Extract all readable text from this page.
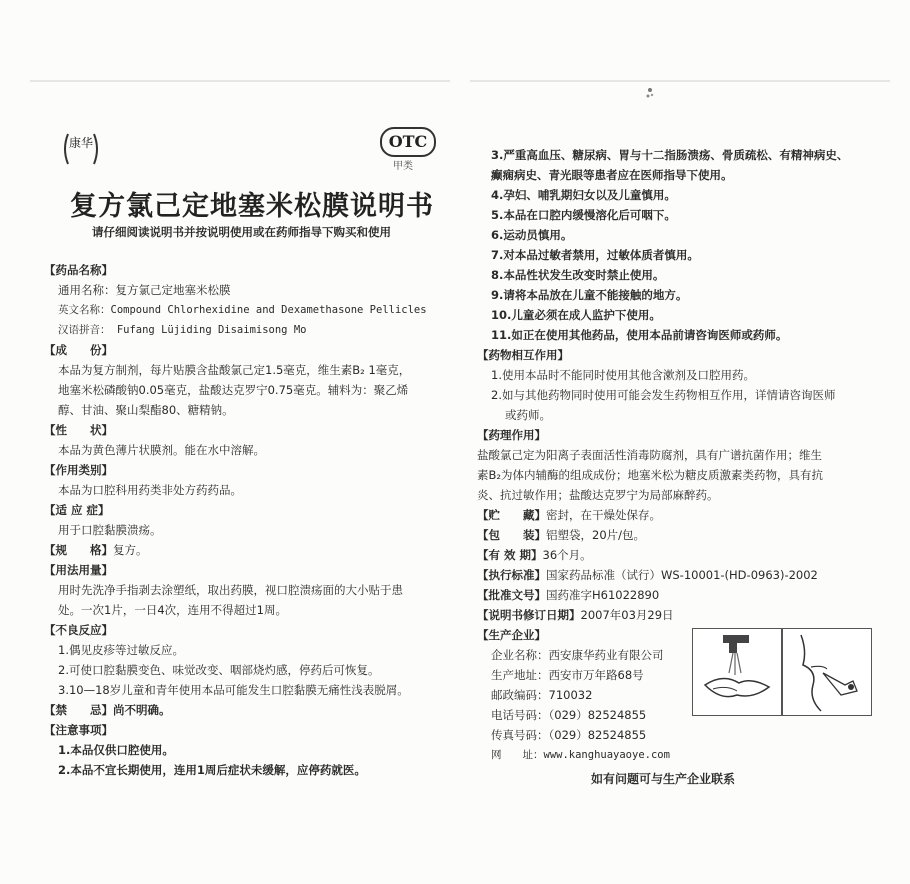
康华	OTC
甲类
复方氯己定地塞米松膜说明书
请仔细阅读说明书并按说明使用或在药师指导下购买和使用
【药品名称】
通用名称：复方氯己定地塞米松膜
英文名称：Compound Chlorhexidine and Dexamethasone Pellicles
汉语拼音： Fufang Lüjiding Disaimisong Mo
【成　　份】
本品为复方制剂，每片贴膜含盐酸氯己定1.5毫克，维生素B₂ 1毫克，
地塞米松磷酸钠0.05毫克，盐酸达克罗宁0.75毫克。辅料为：聚乙烯
醇、甘油、聚山梨酯80、糖精钠。
【性　　状】
本品为黄色薄片状膜剂。能在水中溶解。
【作用类别】
本品为口腔科用药类非处方药药品。
【适 应 症】
用于口腔黏膜溃疡。
【规　　格】复方。
【用法用量】
用时先洗净手指剥去涂塑纸，取出药膜，视口腔溃疡面的大小贴于患
处。一次1片，一日4次，连用不得超过1周。
【不良反应】
1.偶见皮疹等过敏反应。
2.可使口腔黏膜变色、味觉改变、咽部烧灼感，停药后可恢复。
3.10—18岁儿童和青年使用本品可能发生口腔黏膜无痛性浅表脱屑。
【禁　　忌】尚不明确。
【注意事项】
1.本品仅供口腔使用。
2.本品不宜长期使用，连用1周后症状未缓解，应停药就医。
3.严重高血压、糖尿病、胃与十二指肠溃疡、骨质疏松、有精神病史、
癫痫病史、青光眼等患者应在医师指导下使用。
4.孕妇、哺乳期妇女以及儿童慎用。
5.本品在口腔内缓慢溶化后可咽下。
6.运动员慎用。
7.对本品过敏者禁用，过敏体质者慎用。
8.本品性状发生改变时禁止使用。
9.请将本品放在儿童不能接触的地方。
10.儿童必须在成人监护下使用。
11.如正在使用其他药品，使用本品前请咨询医师或药师。
【药物相互作用】
1.使用本品时不能同时使用其他含漱剂及口腔用药。
2.如与其他药物同时使用可能会发生药物相互作用，详情请咨询医师
或药师。
【药理作用】
盐酸氯己定为阳离子表面活性消毒防腐剂，具有广谱抗菌作用；维生
素B₂为体内辅酶的组成成份；地塞米松为糖皮质激素类药物，具有抗
炎、抗过敏作用；盐酸达克罗宁为局部麻醉药。
【贮　　藏】密封，在干燥处保存。
【包　　装】铝塑袋，20片/包。
【有 效 期】36个月。
【执行标准】国家药品标准（试行）WS-10001-(HD-0963)-2002
【批准文号】国药准字H61022890
【说明书修订日期】2007年03月29日
【生产企业】
企业名称：西安康华药业有限公司
生产地址：西安市万年路68号
邮政编码：710032
电话号码：（029）82524855
传真号码：（029）82524855
网　　址：www.kanghuayaoye.com
如有问题可与生产企业联系
